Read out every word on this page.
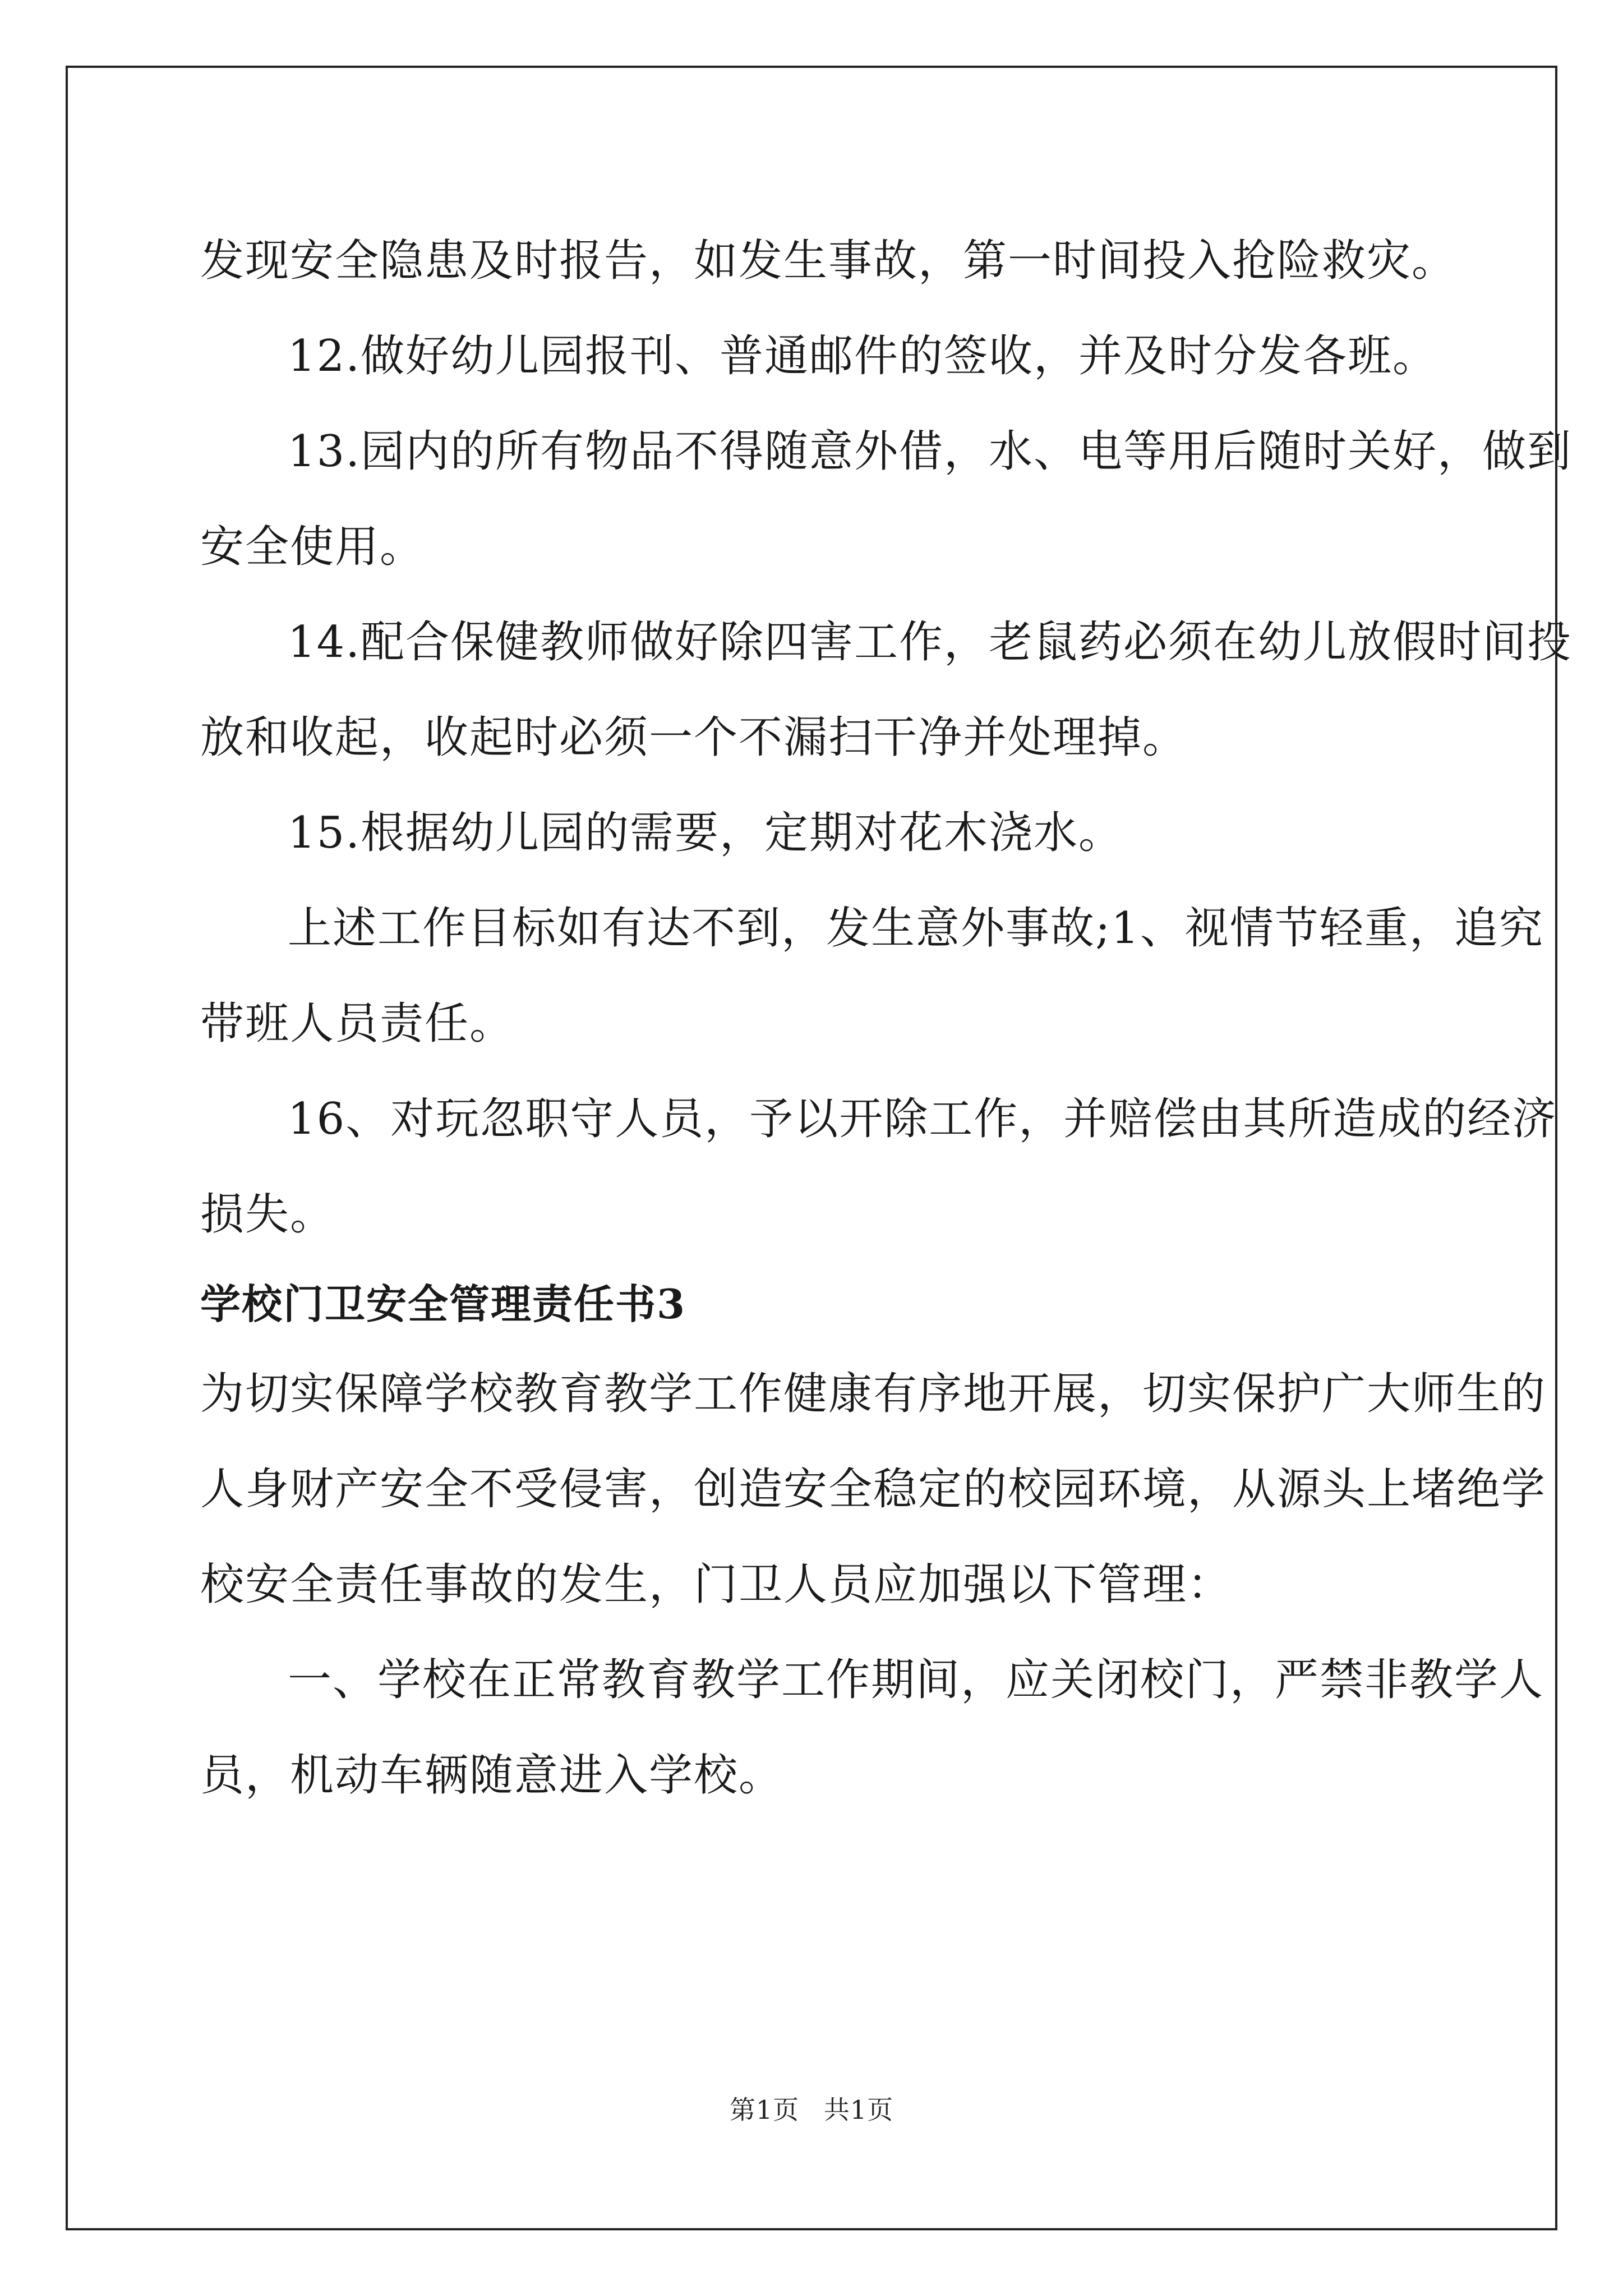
发现安全隐患及时报告，如发生事故，第一时间投入抢险救灾。

12.做好幼儿园报刊、普通邮件的签收，并及时分发各班。

13.园内的所有物品不得随意外借，水、电等用后随时关好，做到

安全使用。

14.配合保健教师做好除四害工作，老鼠药必须在幼儿放假时间投

放和收起，收起时必须一个不漏扫干净并处理掉。

15.根据幼儿园的需要，定期对花木浇水。

上述工作目标如有达不到，发生意外事故;1、视情节轻重，追究

带班人员责任。

16、对玩忽职守人员，予以开除工作，并赔偿由其所造成的经济

损失。

学校门卫安全管理责任书3

为切实保障学校教育教学工作健康有序地开展，切实保护广大师生的

人身财产安全不受侵害，创造安全稳定的校园环境，从源头上堵绝学

校安全责任事故的发生，门卫人员应加强以下管理：

一、学校在正常教育教学工作期间，应关闭校门，严禁非教学人

员，机动车辆随意进入学校。

第1页 共1页
